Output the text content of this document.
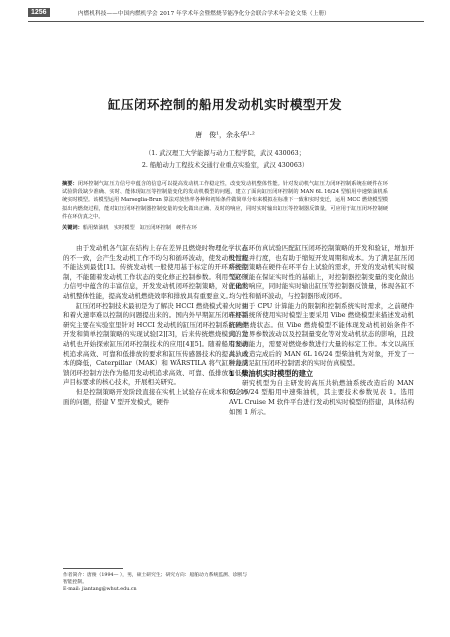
1256	内燃机科技——中国内燃机学会 2017 年学术年会暨燃烧节能净化分会联合学术年会论文集（上册）
缸压闭环控制的船用发动机实时模型开发
唐　俊¹，余永华¹·²
（1. 武汉理工大学能源与动力工程学院，武汉 430063；
2. 船舶动力工程技术交通行业重点实验室，武汉 430063）
摘要：闭环控制气缸压力信号中蕴含的信息可以提高发动机工作稳定性，改变发动机整体性能。针对发动机气缸压力闭环控制系统在硬件在环试验阶段缺少准确、实时、能体现缸压等控制量变化的发动机模型的问题，建立了面向缸压闭环控制的 MAN 6L 16/24 型船用中速柴油机系统实时模型。该模型运用 Marseglia-Brun 算法对放热率各种和初始条件做简单分布来模拟在标准下一致和实时变迁，运用 MCC 燃烧模型模拟出内燃烧过程，能对缸压闭环控制器控制变量的变化做出正确、及时的响应，同时实时输出缸压等控制器反馈量，可应用于缸压闭环控制硬件在环仿真之中。
关键词：船用柴油机　实时模型　缸压闭环控制　硬件在环

由于发动机各气缸在结构上存在差异且燃烧时物理化学状态的不一致，会产生发动机工作不均匀和循环波动，使发动机性能不能达到最优[1]。传统发动机一般使用基于标定的开环系统控制，不能随着发动机工作状态的变化修正控制参数。利用气缸压力信号中蕴含的丰富信息，开发发动机闭环控制策略，对优化发动机整体性能，提高发动机燃烧效率和排放具有重要意义。

缸压闭环控制技术最初是为了解决 HCCI 燃烧模式着火时刻和着火速率难以控制的问题提出来的。国内外早期缸压闭环控制研究主要在实验室里针对 HCCI 发动机的缸压闭环控制系统硬件开发和简单控制策略的实现试验[2][3]，后来传统燃烧模式的发动机也开始探索缸压闭环控制技术的应用[4][5]。随着船用发动机追求高效、可靠和低排放的要求和缸压传感器技术的提高、成本的降低，Caterpillar（MAK）和 WÄRSTILA 将气缸压力反馈闭环控制方法作为船用发动机追求高效、可靠、低排放和低噪声目标要求的核心技术，开展相关研究。

但是控制策略开发阶段直接在实机上试验存在成本和安全方面的问题，搭建 V 型开发模式，硬件

在环仿真试验匹配缸压闭环控制策略的开发和验证，增加开发过程并行度，也有助于缩短开发周期和成本。为了满足缸压闭环控制策略在硬件在环平台上试验的需求，开发的发动机实时模型必须能在保证实时性的基础上，对控制器控制变量的变化做出正确的响应，同时能实时输出缸压等控制器反馈量，体现各缸不均匀性和循环波动，与控制器形成闭环。

由于 CPU 计算能力的限制和控制系统实时需求，之前硬件在环系统所使用实时模型主要采用 Vibe 燃烧模型来描述发动机缸内燃烧状态。但 Vibe 燃烧模型不能体现发动机初始条件不同、边界参数波动以及控制量变化等对发动机状态的影响，且段有预测能力，需要对燃烧参数进行大量的标定工作。本文以高压共轨改造完成后的 MAN 6L 16/24 型柴油机为对象，开发了一种能满足缸压闭环控制需求的实时仿真模型。

1　柴油机实时模型的建立

研究机型为自主研发的高压共轨燃油系统改造后的 MAN 6L 16/24 型船用中速柴油机，其主要技术参数见表 1。选用 AVL Cruise M 软件平台进行发动机实时模型的搭建，具体结构如图 1 所示。

作者简介：唐俊（1994— ），男，硕士研究生；研究方向：船舶动力系统监测、诊断与智能控制。
E-mail: jiantang@whut.edu.cn
